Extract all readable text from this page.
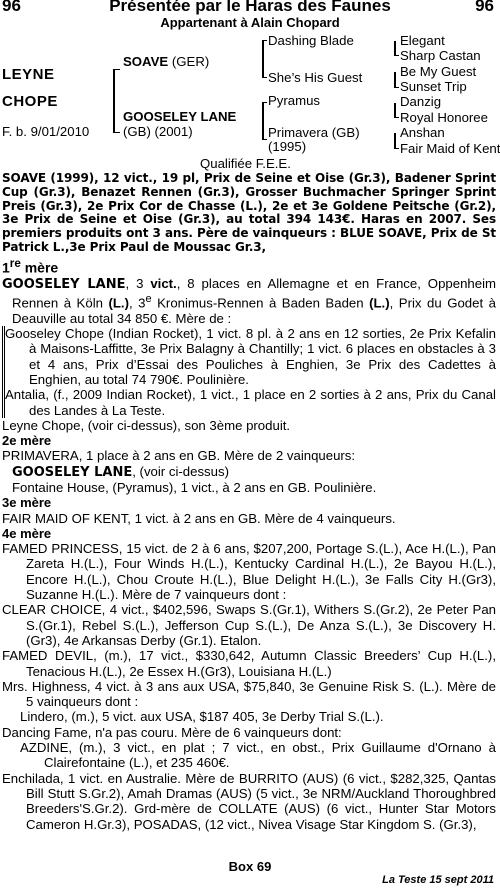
96	Présentée par le Haras des Faunes	96
Appartenant à Alain Chopard
LEYNE
CHOPE
F. b. 9/01/2010
SOAVE (GER)
GOOSELEY LANE
(GB) (2001)
Dashing Blade
She’s His Guest
Pyramus
Primavera (GB)
(1995)
Elegant
Sharp Castan
Be My Guest
Sunset Trip
Danzig
Royal Honoree
Anshan
Fair Maid of Kent
Qualifiée F.E.E.

SOAVE (1999), 12 vict., 19 pl, Prix de Seine et Oise (Gr.3), Badener Sprint Cup (Gr.3), Benazet Rennen (Gr.3), Grosser Buchmacher Springer Sprint Preis (Gr.3), 2e Prix Cor de Chasse (L.), 2e et 3e Goldene Peitsche (Gr.2), 3e Prix de Seine et Oise (Gr.3), au total 394 143€. Haras en 2007. Ses premiers produits ont 3 ans. Père de vainqueurs : BLUE SOAVE, Prix de St Patrick L.,3e Prix Paul de Moussac Gr.3,

1re mère

GOOSELEY LANE, 3 vict., 8 places en Allemagne et en France, Oppenheim Rennen à Köln (L.), 3e Kronimus-Rennen à Baden Baden (L.), Prix du Godet à Deauville au total 34 850 €. Mère de :

Gooseley Chope (Indian Rocket), 1 vict. 8 pl. à 2 ans en 12 sorties, 2e Prix Kefalin à Maisons-Laffitte, 3e Prix Balagny à Chantilly; 1 vict. 6 places en obstacles à 3 et 4 ans, Prix d’Essai des Pouliches à Enghien, 3e Prix des Cadettes à Enghien, au total 74 790€. Poulinière.

Antalia, (f., 2009 Indian Rocket), 1 vict., 1 place en 2 sorties à 2 ans, Prix du Canal des Landes à La Teste.

Leyne Chope, (voir ci-dessus), son 3ème produit.

2e mère

PRIMAVERA, 1 place à 2 ans en GB. Mère de 2 vainqueurs:

GOOSELEY LANE, (voir ci-dessus)

Fontaine House, (Pyramus), 1 vict., à 2 ans en GB. Poulinière.

3e mère

FAIR MAID OF KENT, 1 vict. à 2 ans en GB. Mère de 4 vainqueurs.

4e mère

FAMED PRINCESS, 15 vict. de 2 à 6 ans, $207,200, Portage S.(L.), Ace H.(L.), Pan Zareta H.(L.), Four Winds H.(L.), Kentucky Cardinal H.(L.), 2e Bayou H.(L.), Encore H.(L.), Chou Croute H.(L.), Blue Delight H.(L.), 3e Falls City H.(Gr3), Suzanne H.(L.). Mère de 7 vainqueurs dont :

CLEAR CHOICE, 4 vict., $402,596, Swaps S.(Gr.1), Withers S.(Gr.2), 2e Peter Pan S.(Gr.1), Rebel S.(L.), Jefferson Cup S.(L.), De Anza S.(L.), 3e Discovery H.(Gr3), 4e Arkansas Derby (Gr.1). Etalon.

FAMED DEVIL, (m.), 17 vict., $330,642, Autumn Classic Breeders’ Cup H.(L.), Tenacious H.(L.), 2e Essex H.(Gr3), Louisiana H.(L.)

Mrs. Highness, 4 vict. à 3 ans aux USA, $75,840, 3e Genuine Risk S. (L.). Mère de 5 vainqueurs dont :

Lindero, (m.), 5 vict. aux USA, $187 405, 3e Derby Trial S.(L.).

Dancing Fame, n'a pas couru. Mère de 6 vainqueurs dont:

AZDINE, (m.), 3 vict., en plat ; 7 vict., en obst., Prix Guillaume d'Ornano à Clairefontaine (L.), et 235 460€.

Enchilada, 1 vict. en Australie. Mère de BURRITO (AUS) (6 vict., $282,325, Qantas Bill Stutt S.Gr.2), Amah Dramas (AUS) (5 vict., 3e NRM/Auckland Thoroughbred Breeders'S.Gr.2). Grd-mère de COLLATE (AUS) (6 vict., Hunter Star Motors Cameron H.Gr.3), POSADAS, (12 vict., Nivea Visage Star Kingdom S. (Gr.3),

Box 69
La Teste 15 sept 2011
